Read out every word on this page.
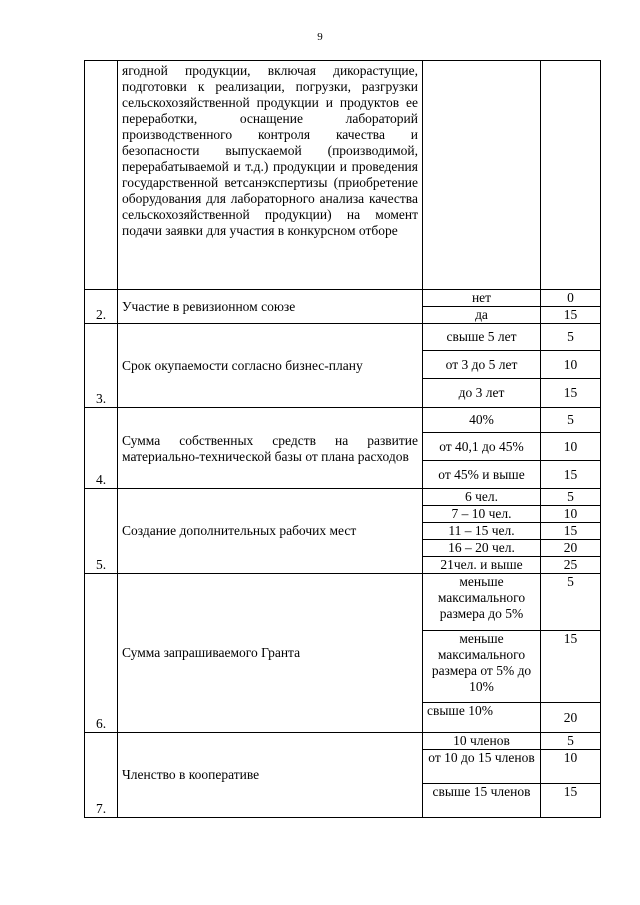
9
	ягодной продукции, включая дикорастущие, подготовки к реализации, погрузки, разгрузки сельскохозяйственной продукции и продуктов ее переработки, оснащение лабораторий производственного контроля качества и безопасности выпускаемой (производимой, перерабатываемой и т.д.) продукции и проведения государственной ветсанэкспертизы (приобретение оборудования для лабораторного анализа качества сельскохозяйственной продукции) на момент подачи заявки для участия в конкурсном отборе		
2.	Участие в ревизионном союзе	нет	0
		да	15
3.	Срок окупаемости согласно бизнес-плану	свыше 5 лет	5
		от 3 до 5 лет	10
		до 3 лет	15
4.	Сумма собственных средств на развитие материально-технической базы от плана расходов	40%	5
		от 40,1 до 45%	10
		от 45% и выше	15
5.	Создание дополнительных рабочих мест	6 чел.	5
		7 – 10 чел.	10
		11 – 15 чел.	15
		16 – 20 чел.	20
		21чел. и выше	25
6.	Сумма запрашиваемого Гранта	меньше максимального размера до 5%	5
		меньше максимального размера от 5% до 10%	15
		свыше 10%	20
7.	Членство в кооперативе	10 членов	5
		от 10 до 15 членов	10
		свыше 15 членов	15
